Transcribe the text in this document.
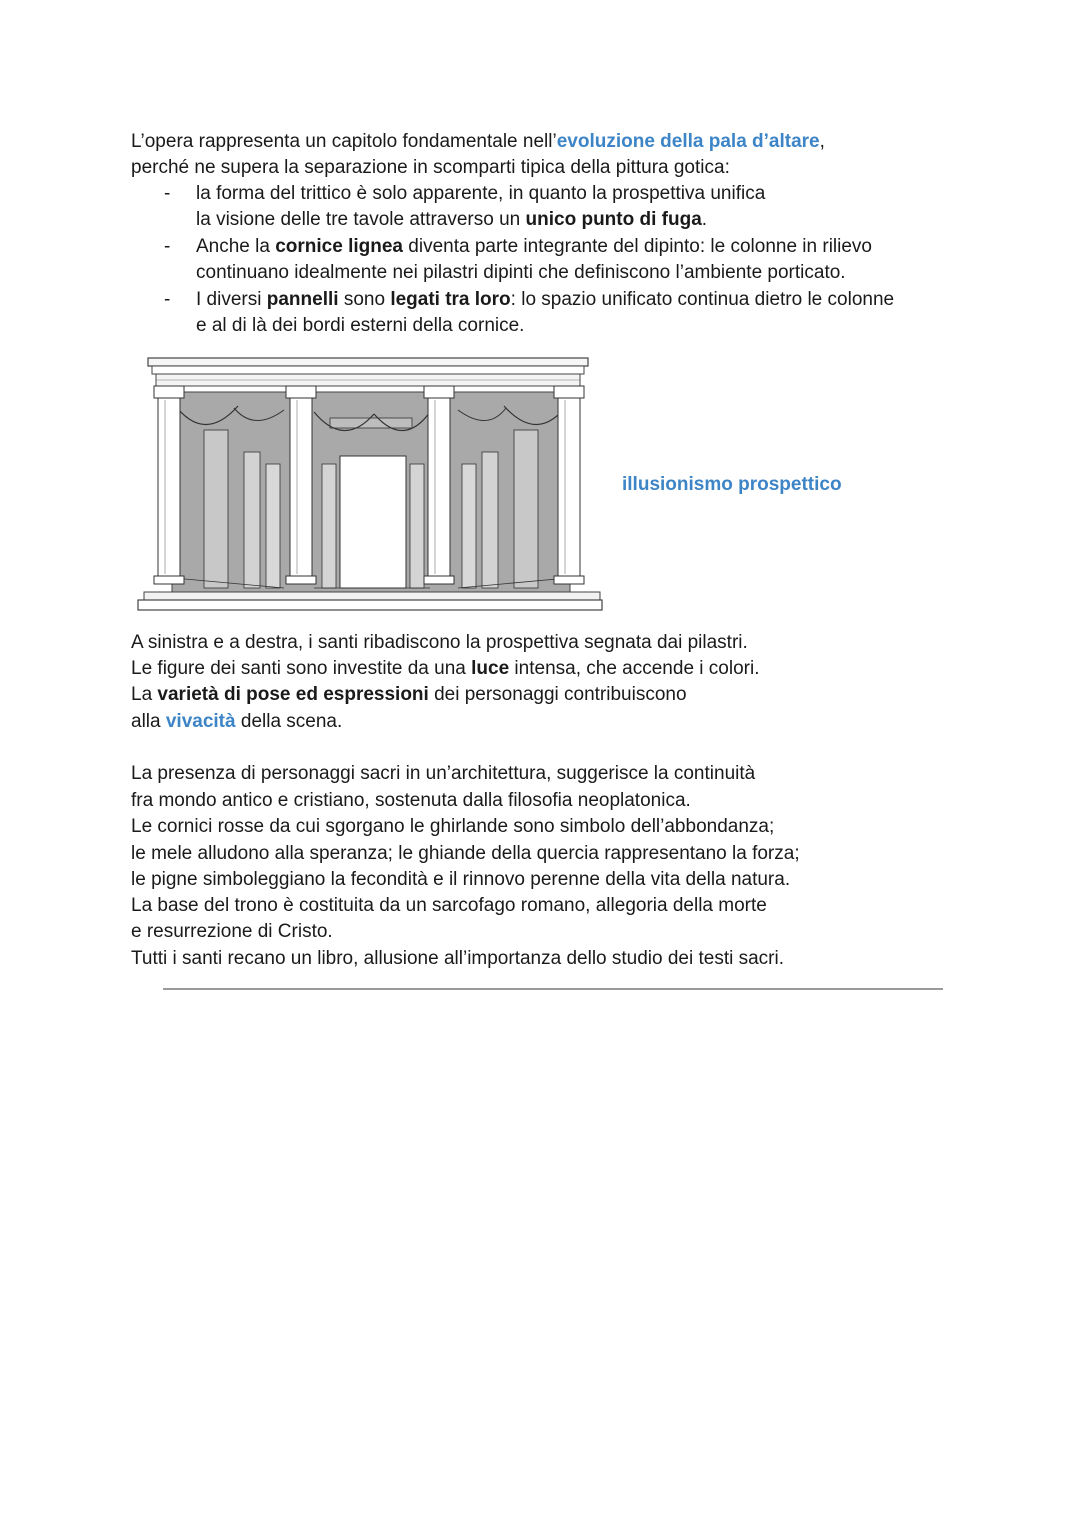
L’opera rappresenta un capitolo fondamentale nell’evoluzione della pala d’altare,
perché ne supera la separazione in scomparti tipica della pittura gotica:
- la forma del trittico è solo apparente, in quanto la prospettiva unifica
la visione delle tre tavole attraverso un unico punto di fuga.
- Anche la cornice lignea diventa parte integrante del dipinto: le colonne in rilievo
continuano idealmente nei pilastri dipinti che definiscono l’ambiente porticato.
- I diversi pannelli sono legati tra loro: lo spazio unificato continua dietro le colonne
e al di là dei bordi esterni della cornice.
illusionismo prospettico
A sinistra e a destra, i santi ribadiscono la prospettiva segnata dai pilastri.
Le figure dei santi sono investite da una luce intensa, che accende i colori.
La varietà di pose ed espressioni dei personaggi contribuiscono
alla vivacità della scena.
La presenza di personaggi sacri in un’architettura, suggerisce la continuità
fra mondo antico e cristiano, sostenuta dalla filosofia neoplatonica.
Le cornici rosse da cui sgorgano le ghirlande sono simbolo dell’abbondanza;
le mele alludono alla speranza; le ghiande della quercia rappresentano la forza;
le pigne simboleggiano la fecondità e il rinnovo perenne della vita della natura.
La base del trono è costituita da un sarcofago romano, allegoria della morte
e resurrezione di Cristo.
Tutti i santi recano un libro, allusione all’importanza dello studio dei testi sacri.
